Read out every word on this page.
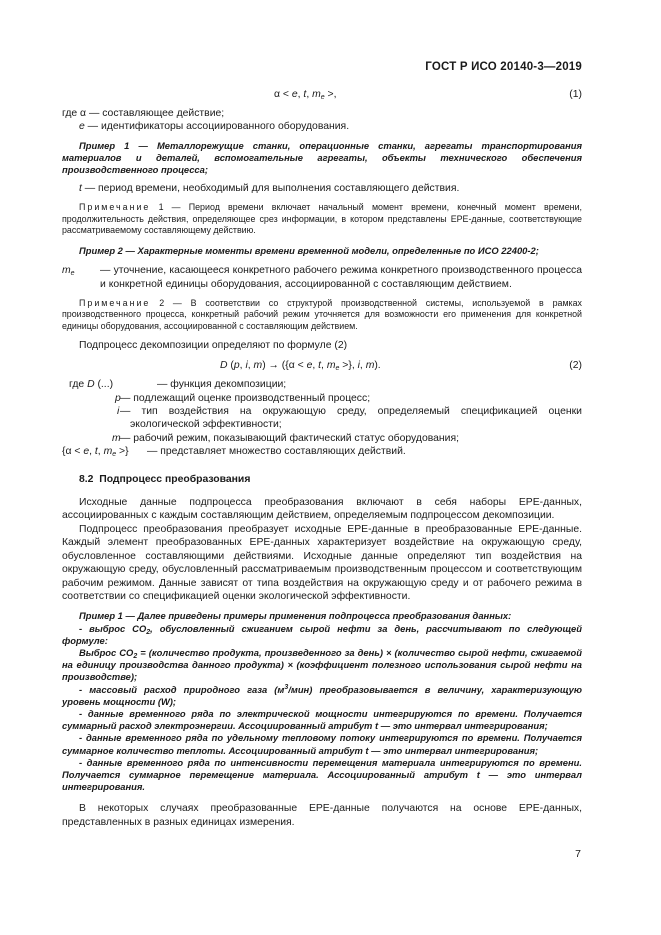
ГОСТ Р ИСО 20140-3—2019
α < e, t, $m_e$ >,	(1)

где α — составляющее действие;

e — идентификаторы ассоциированного оборудования.

Пример 1 — Металлорежущие станки, операционные станки, агрегаты транспортирования материалов и деталей, вспомогательные агрегаты, объекты технического обеспечения производственного процесса;

t — период времени, необходимый для выполнения составляющего действия.

Примечание 1 — Период времени включает начальный момент времени, конечный момент времени, продолжительность действия, определяющее срез информации, в котором представлены EPE-данные, соответствующие рассматриваемому составляющему действию.

Пример 2 — Характерные моменты времени временной модели, определенные по ИСО 22400-2;

$m_e$ — уточнение, касающееся конкретного рабочего режима конкретного производственного процесса и конкретной единицы оборудования, ассоциированной с составляющим действием.

Примечание 2 — В соответствии со структурой производственной системы, используемой в рамках производственного процесса, конкретный рабочий режим уточняется для возможности его применения для конкретной единицы оборудования, ассоциированной с составляющим действием.

Подпроцесс декомпозиции определяют по формуле (2)

D (p, i, m) → ({α < e, t, $m_e$ >}, i, m).	(2)
где D (...)	— функция декомпозиции;
p — подлежащий оценке производственный процесс;
i — тип воздействия на окружающую среду, определяемый спецификацией оценки экологической эффективности;

m — рабочий режим, показывающий фактический статус оборудования;
{α < e, t, $m_e$ >} — представляет множество составляющих действий.

8.2 Подпроцесс преобразования

Исходные данные подпроцесса преобразования включают в себя наборы EPE-данных, ассоциированных с каждым составляющим действием, определяемым подпроцессом декомпозиции.

Подпроцесс преобразования преобразует исходные EPE-данные в преобразованные EPE-данные. Каждый элемент преобразованных EPE-данных характеризует воздействие на окружающую среду, обусловленное составляющими действиями. Исходные данные определяют тип воздействия на окружающую среду, обусловленный рассматриваемым производственным процессом и соответствующим рабочим режимом. Данные зависят от типа воздействия на окружающую среду и от рабочего режима в соответствии со спецификацией оценки экологической эффективности.

Пример 1 — Далее приведены примеры применения подпроцесса преобразования данных:

- выброс $CO_2$, обусловленный сжиганием сырой нефти за день, рассчитывают по следующей формуле:

Выброс $CO_2$ = (количество продукта, произведенного за день) × (количество сырой нефти, сжигаемой на единицу производства данного продукта) × (коэффициент полезного использования сырой нефти на производстве);

- массовый расход природного газа $(м^3/мин)$ преобразовывается в величину, характеризующую уровень мощности (W);

- данные временного ряда по электрической мощности интегрируются по времени. Получается суммарный расход электроэнергии. Ассоциированный атрибут t — это интервал интегрирования;

- данные временного ряда по удельному тепловому потоку интегрируются по времени. Получается суммарное количество теплоты. Ассоциированный атрибут t — это интервал интегрирования;

- данные временного ряда по интенсивности перемещения материала интегрируются по времени. Получается суммарное перемещение материала. Ассоциированный атрибут t — это интервал интегрирования.

В некоторых случаях преобразованные EPE-данные получаются на основе EPE-данных, представленных в разных единицах измерения.

7
